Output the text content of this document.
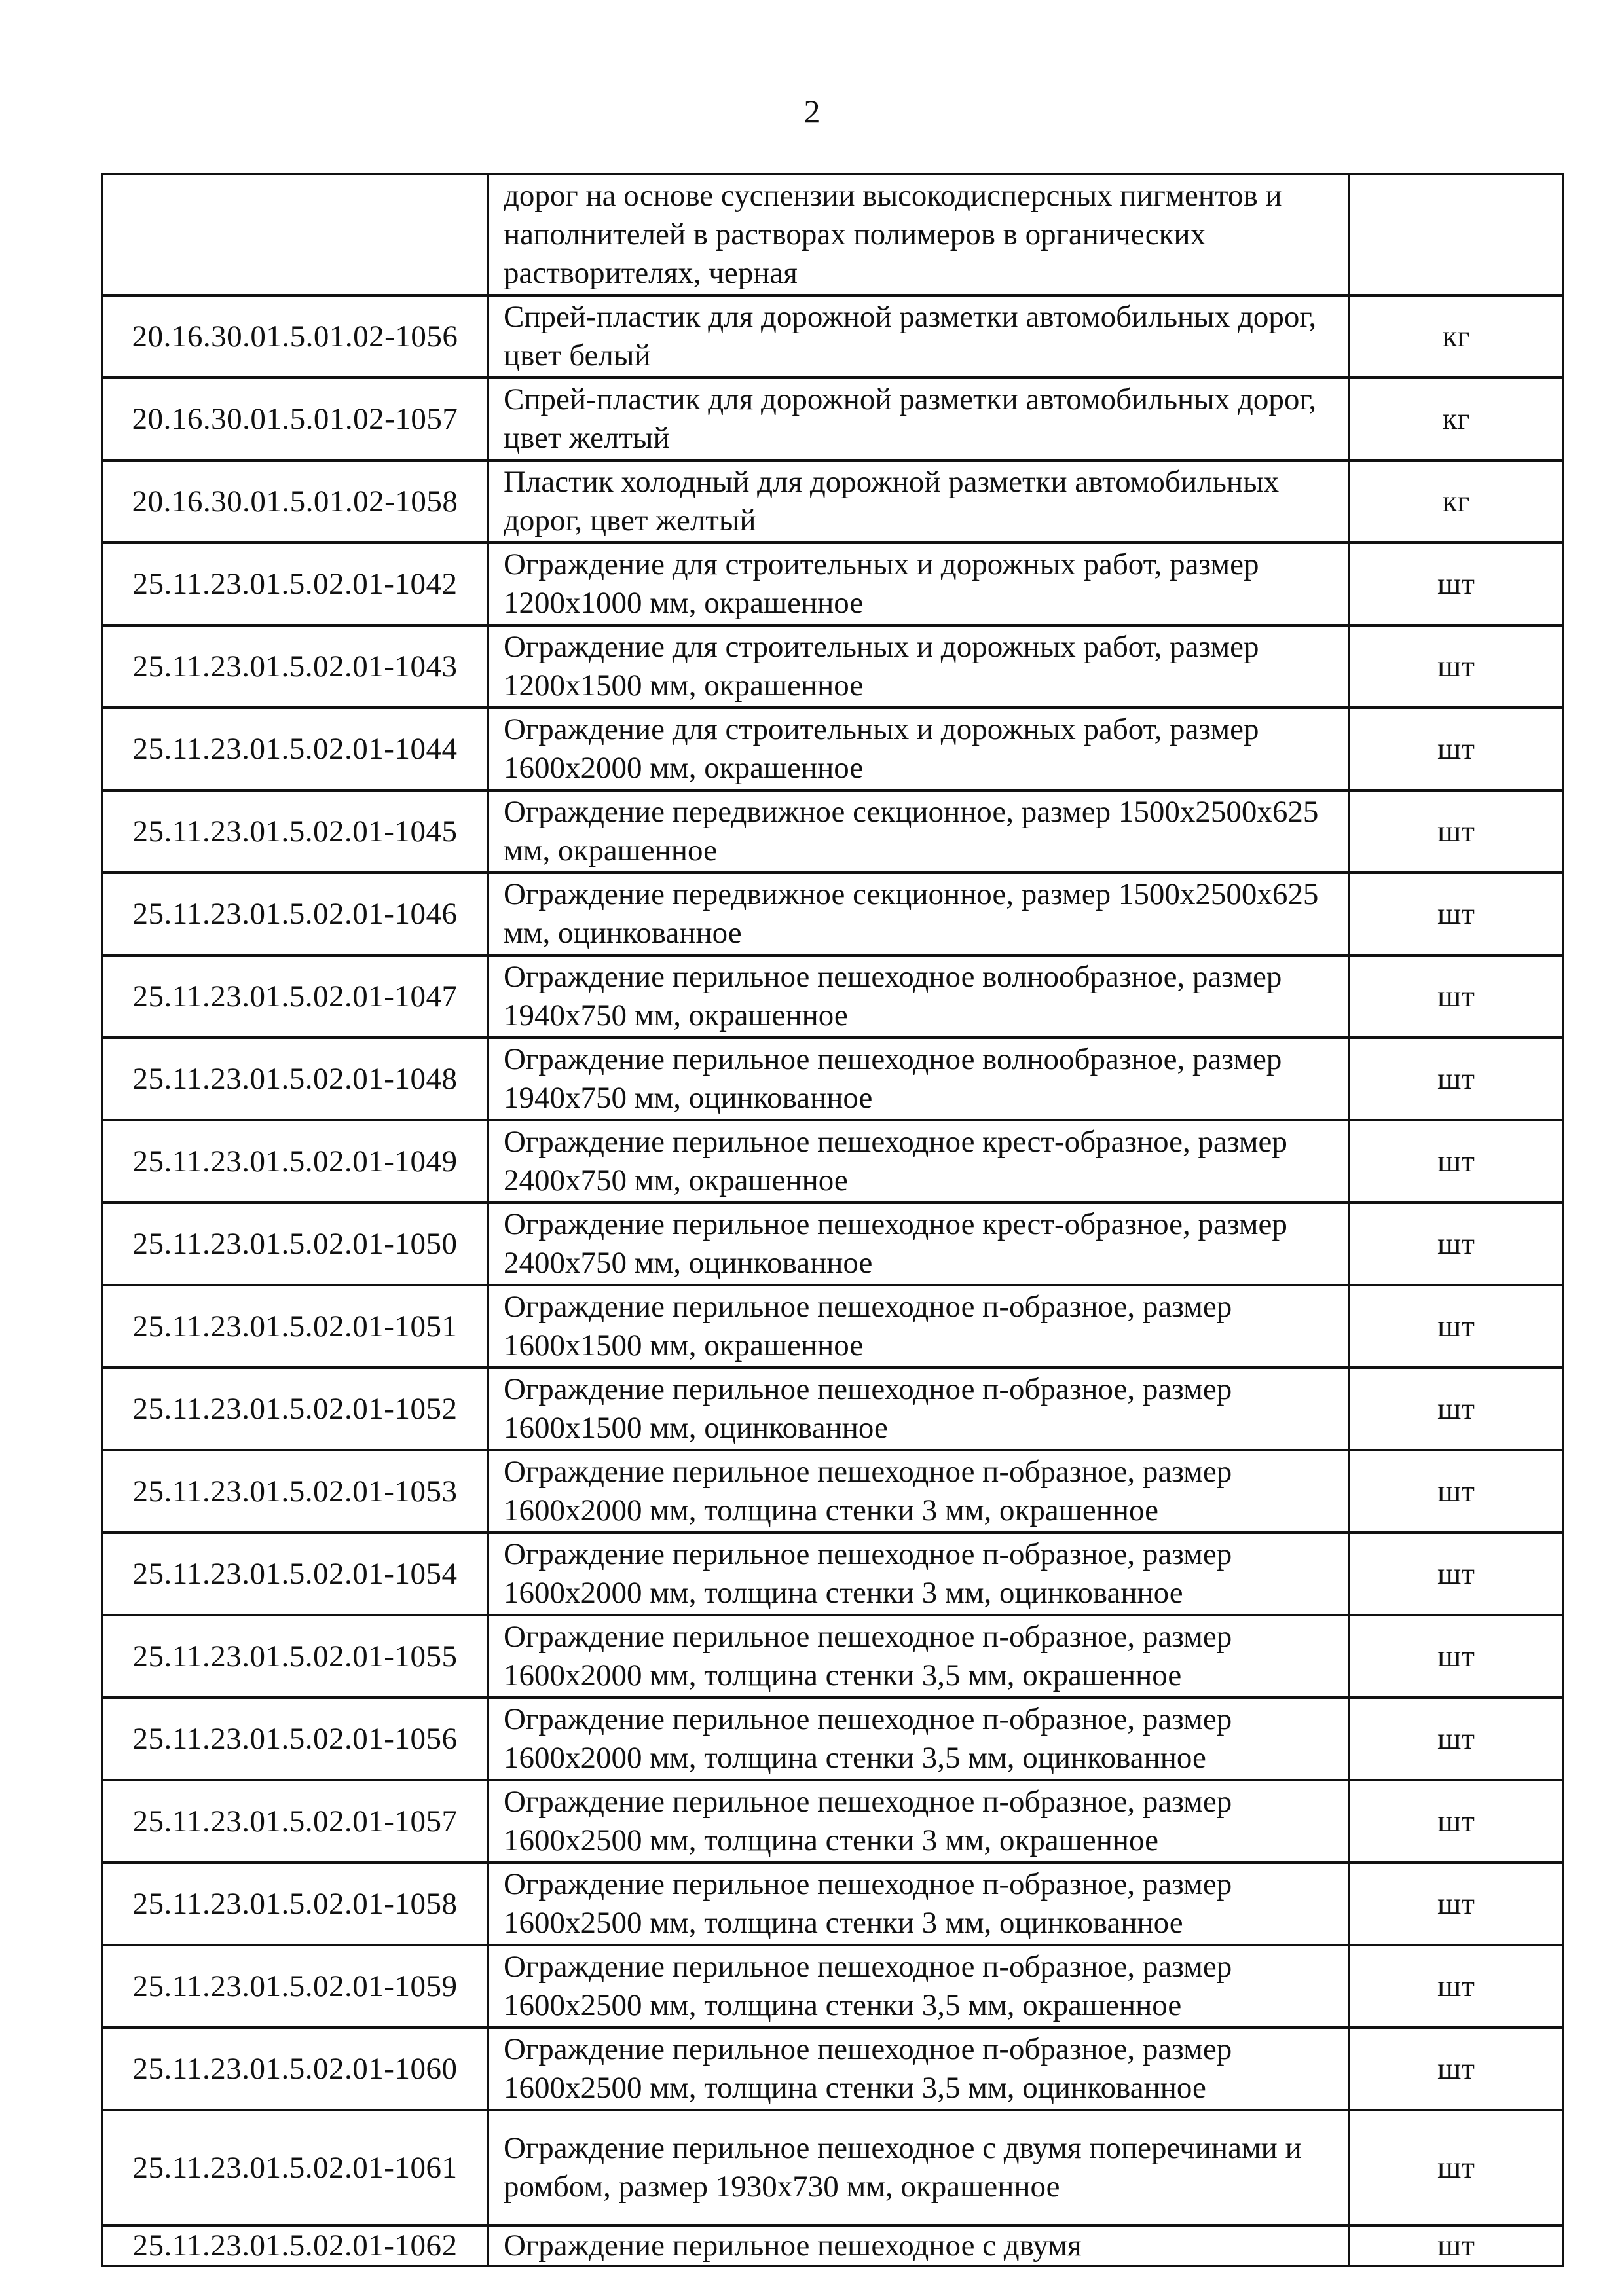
2

	дорог на основе суспензии высокодисперсных пигментов и наполнителей в растворах полимеров в органических растворителях, черная	

20.16.30.01.5.01.02-1056	Спрей-пластик для дорожной разметки автомобильных дорог, цвет белый	кг
20.16.30.01.5.01.02-1057	Спрей-пластик для дорожной разметки автомобильных дорог, цвет желтый	кг
20.16.30.01.5.01.02-1058	Пластик холодный для дорожной разметки автомобильных дорог, цвет желтый	кг
25.11.23.01.5.02.01-1042	Ограждение для строительных и дорожных работ, размер 1200x1000 мм, окрашенное	шт
25.11.23.01.5.02.01-1043	Ограждение для строительных и дорожных работ, размер 1200x1500 мм, окрашенное	шт
25.11.23.01.5.02.01-1044	Ограждение для строительных и дорожных работ, размер 1600x2000 мм, окрашенное	шт
25.11.23.01.5.02.01-1045	Ограждение передвижное секционное, размер 1500x2500x625 мм, окрашенное	шт
25.11.23.01.5.02.01-1046	Ограждение передвижное секционное, размер 1500x2500x625 мм, оцинкованное	шт
25.11.23.01.5.02.01-1047	Ограждение перильное пешеходное волнообразное, размер 1940x750 мм, окрашенное	шт
25.11.23.01.5.02.01-1048	Ограждение перильное пешеходное волнообразное, размер 1940x750 мм, оцинкованное	шт
25.11.23.01.5.02.01-1049	Ограждение перильное пешеходное крест-образное, размер 2400x750 мм, окрашенное	шт
25.11.23.01.5.02.01-1050	Ограждение перильное пешеходное крест-образное, размер 2400x750 мм, оцинкованное	шт
25.11.23.01.5.02.01-1051	Ограждение перильное пешеходное п-образное, размер 1600x1500 мм, окрашенное	шт
25.11.23.01.5.02.01-1052	Ограждение перильное пешеходное п-образное, размер 1600x1500 мм, оцинкованное	шт
25.11.23.01.5.02.01-1053	Ограждение перильное пешеходное п-образное, размер 1600x2000 мм, толщина стенки 3 мм, окрашенное	шт
25.11.23.01.5.02.01-1054	Ограждение перильное пешеходное п-образное, размер 1600x2000 мм, толщина стенки 3 мм, оцинкованное	шт
25.11.23.01.5.02.01-1055	Ограждение перильное пешеходное п-образное, размер 1600x2000 мм, толщина стенки 3,5 мм, окрашенное	шт
25.11.23.01.5.02.01-1056	Ограждение перильное пешеходное п-образное, размер 1600x2000 мм, толщина стенки 3,5 мм, оцинкованное	шт
25.11.23.01.5.02.01-1057	Ограждение перильное пешеходное п-образное, размер 1600x2500 мм, толщина стенки 3 мм, окрашенное	шт
25.11.23.01.5.02.01-1058	Ограждение перильное пешеходное п-образное, размер 1600x2500 мм, толщина стенки 3 мм, оцинкованное	шт
25.11.23.01.5.02.01-1059	Ограждение перильное пешеходное п-образное, размер 1600x2500 мм, толщина стенки 3,5 мм, окрашенное	шт
25.11.23.01.5.02.01-1060	Ограждение перильное пешеходное п-образное, размер 1600x2500 мм, толщина стенки 3,5 мм, оцинкованное	шт
25.11.23.01.5.02.01-1061	Ограждение перильное пешеходное с двумя поперечинами и ромбом, размер 1930x730 мм, окрашенное	шт
25.11.23.01.5.02.01-1062	Ограждение перильное пешеходное с двумя	шт
